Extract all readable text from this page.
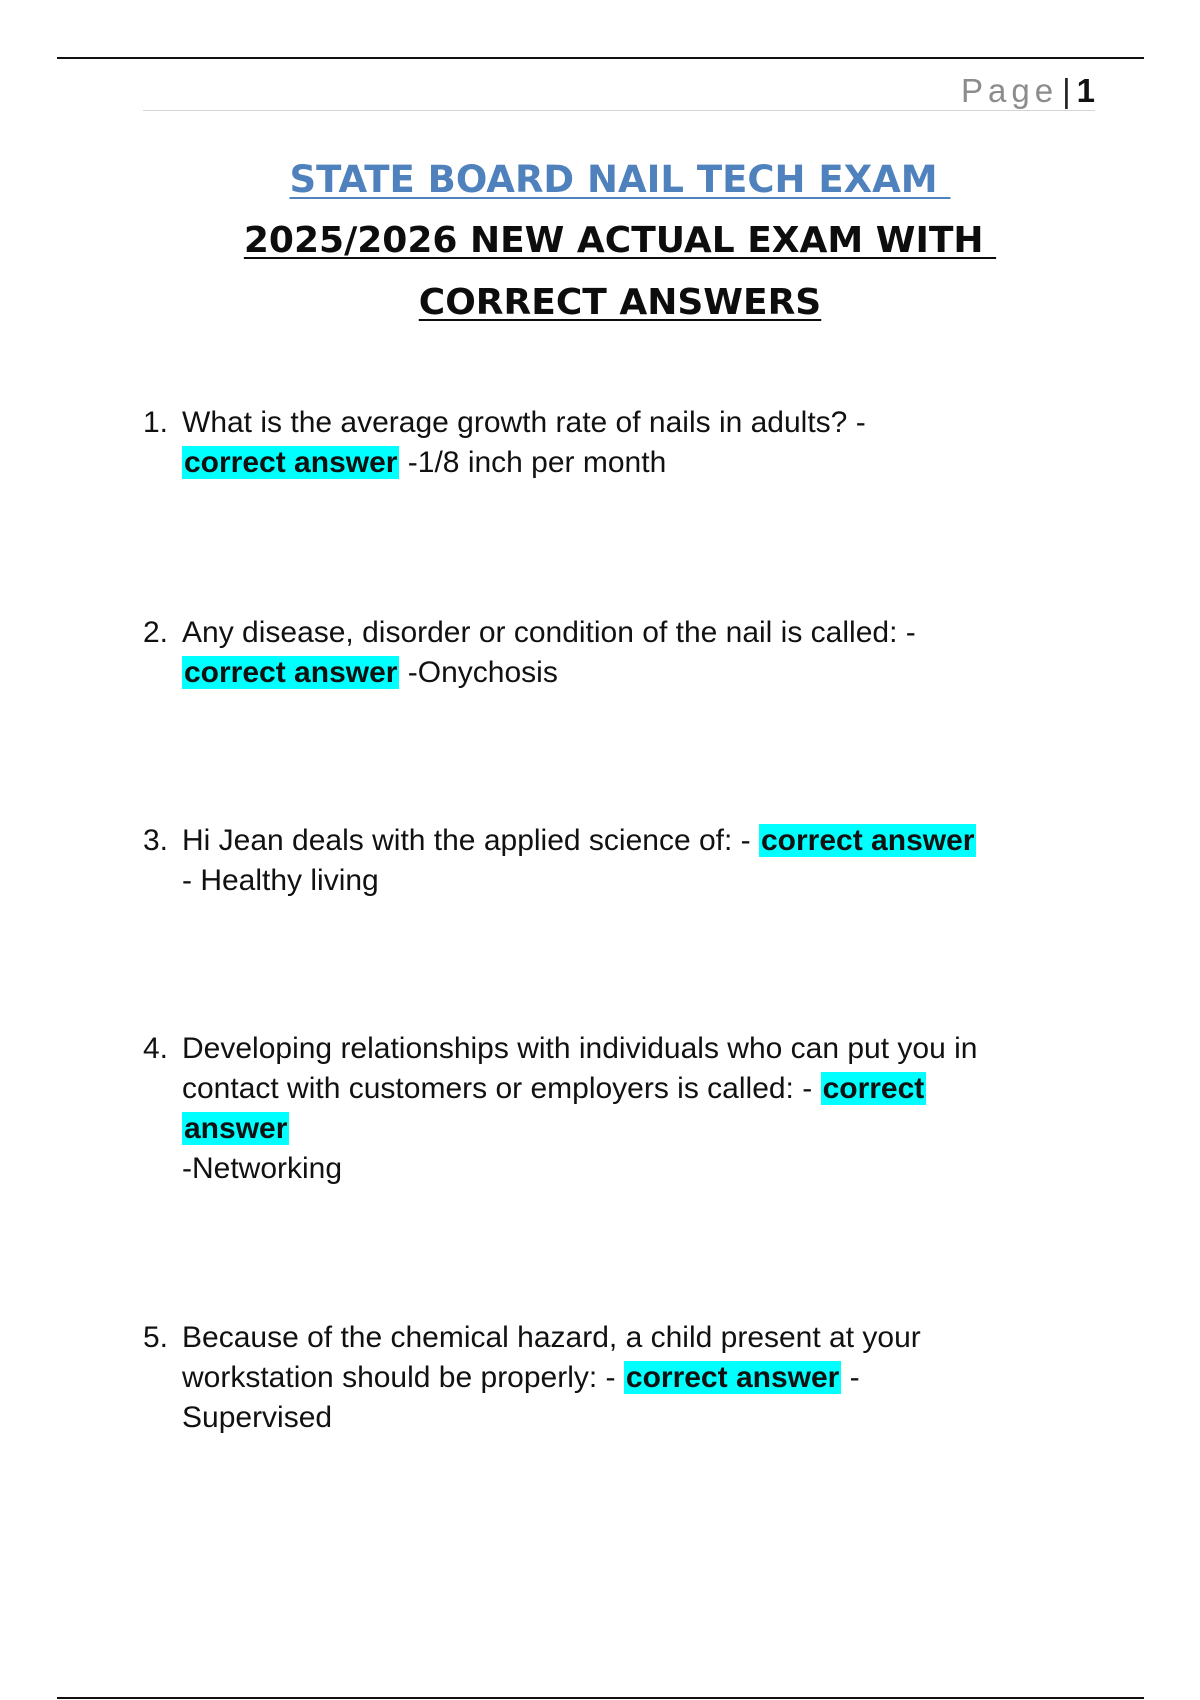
Page | 1

STATE BOARD NAIL TECH EXAM

2025/2026 NEW ACTUAL EXAM WITH

CORRECT ANSWERS

1. What is the average growth rate of nails in adults? -
correct answer -1/8 inch per month
2. Any disease, disorder or condition of the nail is called: -
correct answer -Onychosis
3. Hi Jean deals with the applied science of: - correct answer
- Healthy living
4. Developing relationships with individuals who can put you in
contact with customers or employers is called: - correct
answer
-Networking
5. Because of the chemical hazard, a child present at your
workstation should be properly: - correct answer -
Supervised
